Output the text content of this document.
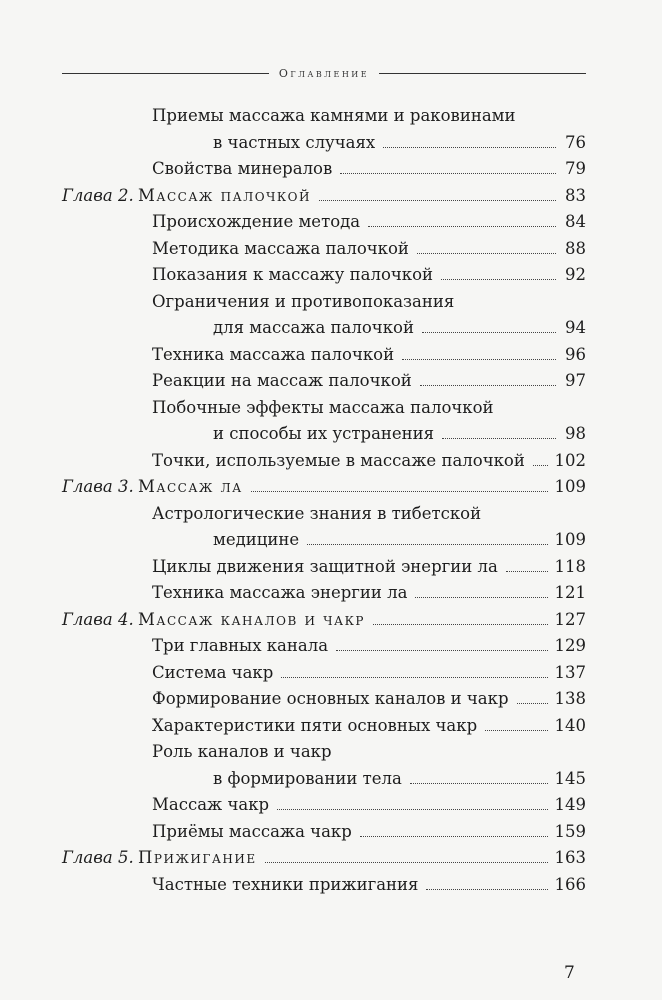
Оглавление
Приемы массажа камнями и раковинами
в частных случаях	76
Свойства минералов	79
Глава 2. Массаж палочкой	83
Происхождение метода	84
Методика массажа палочкой	88
Показания к массажу палочкой	92
Ограничения и противопоказания
для массажа палочкой	94
Техника массажа палочкой	96
Реакции на массаж палочкой	97
Побочные эффекты массажа палочкой
и способы их устранения	98
Точки, используемые в массаже палочкой 102
Глава 3. Массаж ла	109
Астрологические знания в тибетской
медицине	109
Циклы движения защитной энергии ла	118
Техника массажа энергии ла	121
Глава 4. Массаж каналов и чакр	127
Три главных канала	129
Система чакр	137
Формирование основных каналов и чакр	138
Характеристики пяти основных чакр	140
Роль каналов и чакр
в формировании тела	145
Массаж чакр	149
Приёмы массажа чакр	159
Глава 5. Прижигание	163
Частные техники прижигания	166
7
